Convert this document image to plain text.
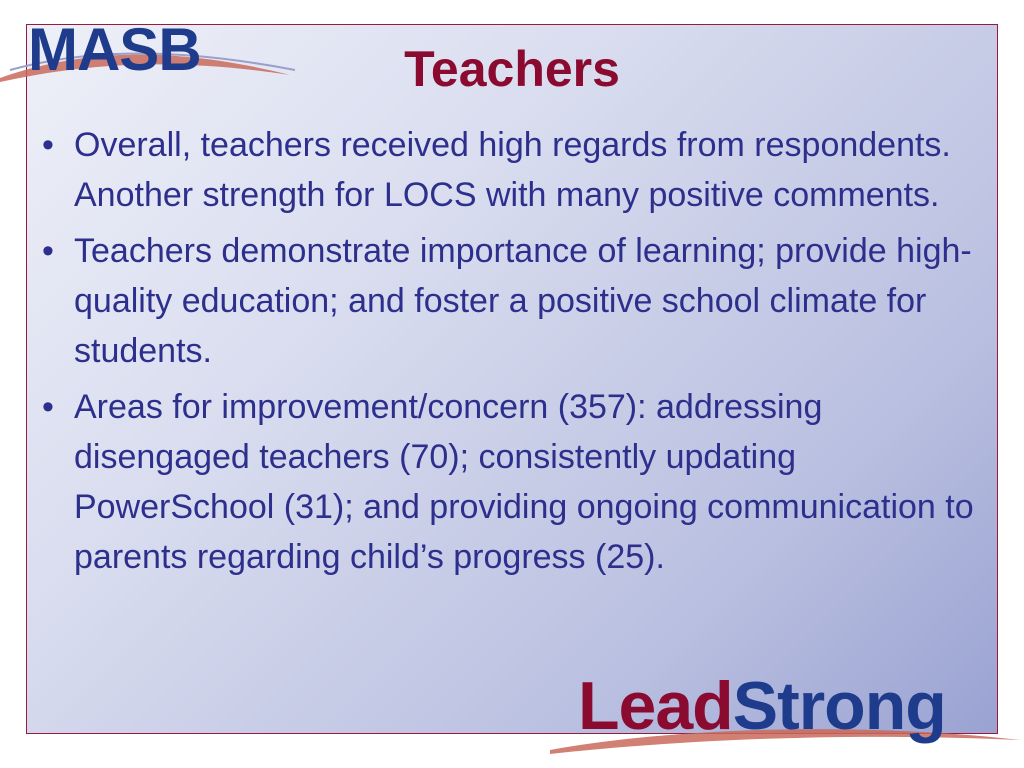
MASB	Teachers
• Overall, teachers received high regards from respondents. Another strength for LOCS with many positive comments.
• Teachers demonstrate importance of learning; provide high-quality education; and foster a positive school climate for students.
• Areas for improvement/concern (357): addressing disengaged teachers (70); consistently updating PowerSchool (31); and providing ongoing communication to parents regarding child’s progress (25).
LeadStrong
